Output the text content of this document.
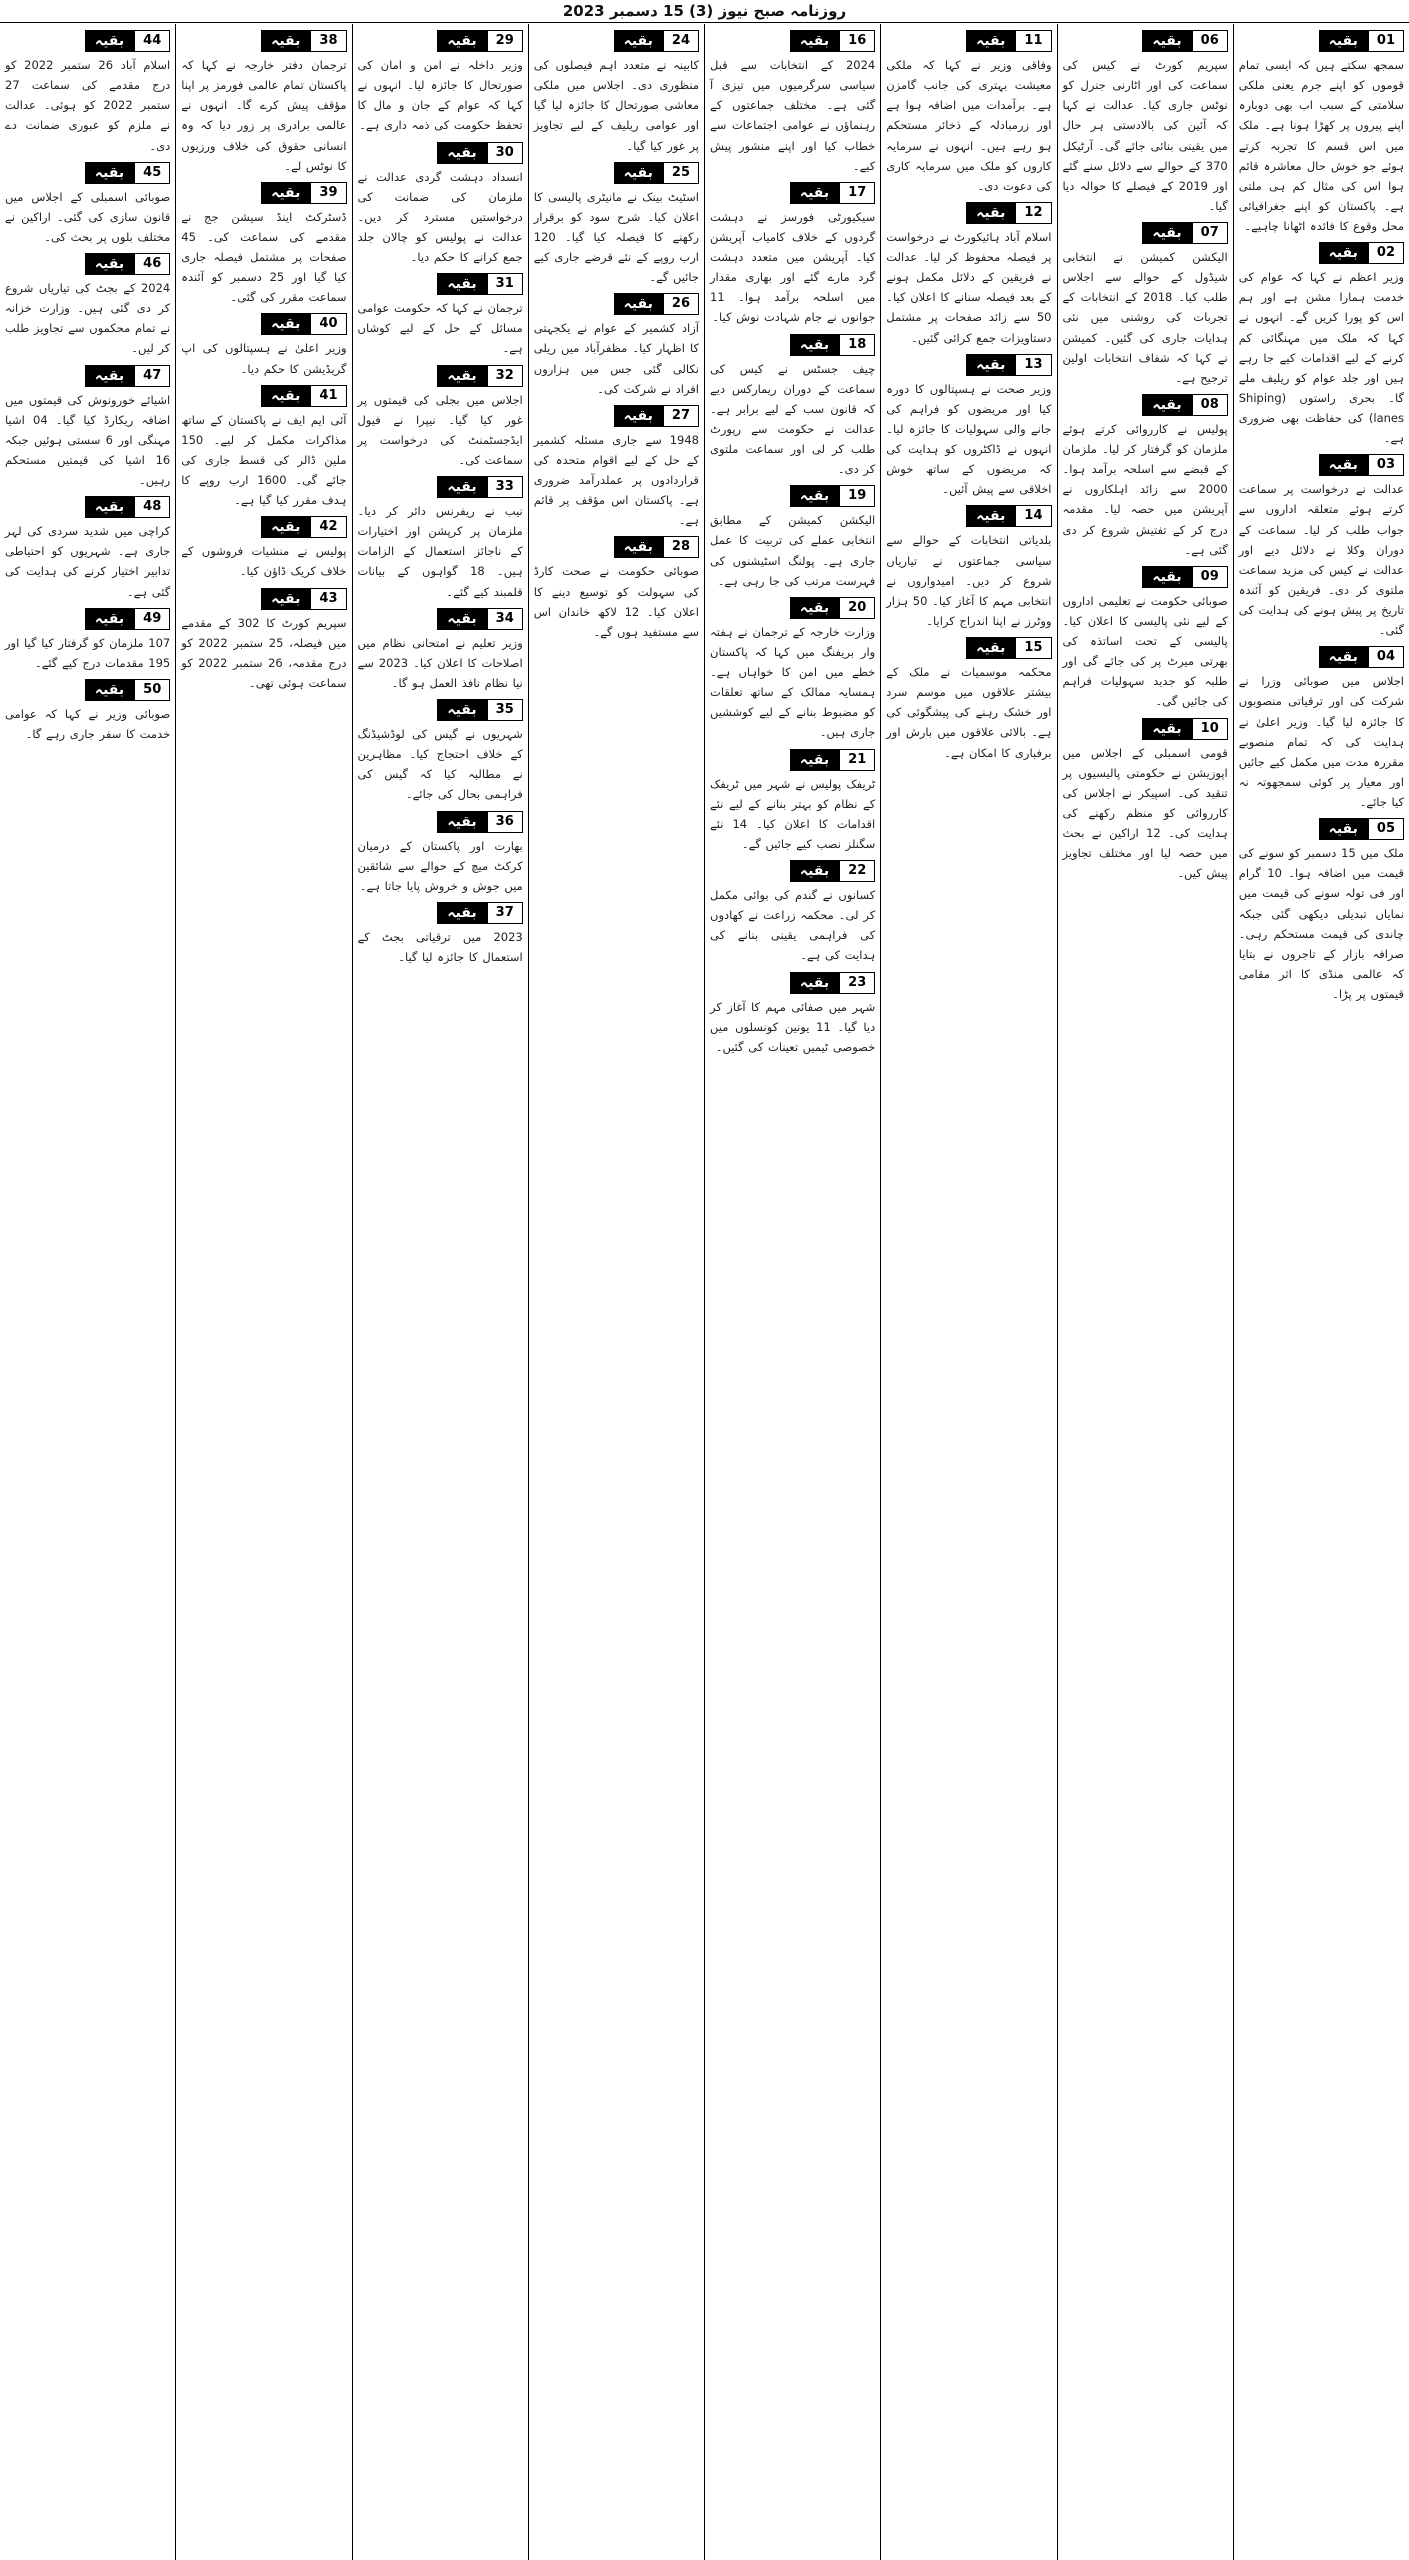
روزنامہ صبح نیوز (3) 15 دسمبر 2023
01
بقیہ

سمجھ سکتے ہیں کہ ایسی تمام قوموں کو اپنے جرم یعنی ملکی سلامتی کے سبب اب بھی دوبارہ اپنے پیروں پر کھڑا ہونا ہے۔ ملک میں اس قسم کا تجربہ کرتے ہوئے جو خوش حال معاشرہ قائم ہوا اس کی مثال کم ہی ملتی ہے۔ پاکستان کو اپنے جغرافیائی محل وقوع کا فائدہ اٹھانا چاہیے۔

02
بقیہ

وزیر اعظم نے کہا کہ عوام کی خدمت ہمارا مشن ہے اور ہم اس کو پورا کریں گے۔ انہوں نے کہا کہ ملک میں مہنگائی کم کرنے کے لیے اقدامات کیے جا رہے ہیں اور جلد عوام کو ریلیف ملے گا۔ بحری راستوں (Shiping lanes) کی حفاظت بھی ضروری ہے۔

03
بقیہ

عدالت نے درخواست پر سماعت کرتے ہوئے متعلقہ اداروں سے جواب طلب کر لیا۔ سماعت کے دوران وکلا نے دلائل دیے اور عدالت نے کیس کی مزید سماعت ملتوی کر دی۔ فریقین کو آئندہ تاریخ پر پیش ہونے کی ہدایت کی گئی۔

04
بقیہ

اجلاس میں صوبائی وزرا نے شرکت کی اور ترقیاتی منصوبوں کا جائزہ لیا گیا۔ وزیر اعلیٰ نے ہدایت کی کہ تمام منصوبے مقررہ مدت میں مکمل کیے جائیں اور معیار پر کوئی سمجھوتہ نہ کیا جائے۔

05
بقیہ

ملک میں 15 دسمبر کو سونے کی قیمت میں اضافہ ہوا۔ 10 گرام اور فی تولہ سونے کی قیمت میں نمایاں تبدیلی دیکھی گئی جبکہ چاندی کی قیمت مستحکم رہی۔ صرافہ بازار کے تاجروں نے بتایا کہ عالمی منڈی کا اثر مقامی قیمتوں پر پڑا۔

06
بقیہ

سپریم کورٹ نے کیس کی سماعت کی اور اٹارنی جنرل کو نوٹس جاری کیا۔ عدالت نے کہا کہ آئین کی بالادستی ہر حال میں یقینی بنائی جائے گی۔ آرٹیکل 370 کے حوالے سے دلائل سنے گئے اور 2019 کے فیصلے کا حوالہ دیا گیا۔

07
بقیہ

الیکشن کمیشن نے انتخابی شیڈول کے حوالے سے اجلاس طلب کیا۔ 2018 کے انتخابات کے تجربات کی روشنی میں نئی ہدایات جاری کی گئیں۔ کمیشن نے کہا کہ شفاف انتخابات اولین ترجیح ہے۔

08
بقیہ

پولیس نے کارروائی کرتے ہوئے ملزمان کو گرفتار کر لیا۔ ملزمان کے قبضے سے اسلحہ برآمد ہوا۔ 2000 سے زائد اہلکاروں نے آپریشن میں حصہ لیا۔ مقدمہ درج کر کے تفتیش شروع کر دی گئی ہے۔

09
بقیہ

صوبائی حکومت نے تعلیمی اداروں کے لیے نئی پالیسی کا اعلان کیا۔ پالیسی کے تحت اساتذہ کی بھرتی میرٹ پر کی جائے گی اور طلبہ کو جدید سہولیات فراہم کی جائیں گی۔

10
بقیہ

قومی اسمبلی کے اجلاس میں اپوزیشن نے حکومتی پالیسیوں پر تنقید کی۔ اسپیکر نے اجلاس کی کارروائی کو منظم رکھنے کی ہدایت کی۔ 12 اراکین نے بحث میں حصہ لیا اور مختلف تجاویز پیش کیں۔

11
بقیہ

وفاقی وزیر نے کہا کہ ملکی معیشت بہتری کی جانب گامزن ہے۔ برآمدات میں اضافہ ہوا ہے اور زرمبادلہ کے ذخائر مستحکم ہو رہے ہیں۔ انہوں نے سرمایہ کاروں کو ملک میں سرمایہ کاری کی دعوت دی۔

12
بقیہ

اسلام آباد ہائیکورٹ نے درخواست پر فیصلہ محفوظ کر لیا۔ عدالت نے فریقین کے دلائل مکمل ہونے کے بعد فیصلہ سنانے کا اعلان کیا۔ 50 سے زائد صفحات پر مشتمل دستاویزات جمع کرائی گئیں۔

13
بقیہ

وزیر صحت نے ہسپتالوں کا دورہ کیا اور مریضوں کو فراہم کی جانے والی سہولیات کا جائزہ لیا۔ انہوں نے ڈاکٹروں کو ہدایت کی کہ مریضوں کے ساتھ خوش اخلاقی سے پیش آئیں۔

14
بقیہ

بلدیاتی انتخابات کے حوالے سے سیاسی جماعتوں نے تیاریاں شروع کر دیں۔ امیدواروں نے انتخابی مہم کا آغاز کیا۔ 50 ہزار ووٹرز نے اپنا اندراج کرایا۔

15
بقیہ

محکمہ موسمیات نے ملک کے بیشتر علاقوں میں موسم سرد اور خشک رہنے کی پیشگوئی کی ہے۔ بالائی علاقوں میں بارش اور برفباری کا امکان ہے۔

16
بقیہ

2024 کے انتخابات سے قبل سیاسی سرگرمیوں میں تیزی آ گئی ہے۔ مختلف جماعتوں کے رہنماؤں نے عوامی اجتماعات سے خطاب کیا اور اپنے منشور پیش کیے۔

17
بقیہ

سیکیورٹی فورسز نے دہشت گردوں کے خلاف کامیاب آپریشن کیا۔ آپریشن میں متعدد دہشت گرد مارے گئے اور بھاری مقدار میں اسلحہ برآمد ہوا۔ 11 جوانوں نے جام شہادت نوش کیا۔

18
بقیہ

چیف جسٹس نے کیس کی سماعت کے دوران ریمارکس دیے کہ قانون سب کے لیے برابر ہے۔ عدالت نے حکومت سے رپورٹ طلب کر لی اور سماعت ملتوی کر دی۔

19
بقیہ

الیکشن کمیشن کے مطابق انتخابی عملے کی تربیت کا عمل جاری ہے۔ پولنگ اسٹیشنوں کی فہرست مرتب کی جا رہی ہے۔

20
بقیہ

وزارت خارجہ کے ترجمان نے ہفتہ وار بریفنگ میں کہا کہ پاکستان خطے میں امن کا خواہاں ہے۔ ہمسایہ ممالک کے ساتھ تعلقات کو مضبوط بنانے کے لیے کوششیں جاری ہیں۔

21
بقیہ

ٹریفک پولیس نے شہر میں ٹریفک کے نظام کو بہتر بنانے کے لیے نئے اقدامات کا اعلان کیا۔ 14 نئے سگنلز نصب کیے جائیں گے۔

22
بقیہ

کسانوں نے گندم کی بوائی مکمل کر لی۔ محکمہ زراعت نے کھادوں کی فراہمی یقینی بنانے کی ہدایت کی ہے۔

23
بقیہ

شہر میں صفائی مہم کا آغاز کر دیا گیا۔ 11 یونین کونسلوں میں خصوصی ٹیمیں تعینات کی گئیں۔

24
بقیہ

کابینہ نے متعدد اہم فیصلوں کی منظوری دی۔ اجلاس میں ملکی معاشی صورتحال کا جائزہ لیا گیا اور عوامی ریلیف کے لیے تجاویز پر غور کیا گیا۔

25
بقیہ

اسٹیٹ بینک نے مانیٹری پالیسی کا اعلان کیا۔ شرح سود کو برقرار رکھنے کا فیصلہ کیا گیا۔ 120 ارب روپے کے نئے قرضے جاری کیے جائیں گے۔

26
بقیہ

آزاد کشمیر کے عوام نے یکجہتی کا اظہار کیا۔ مظفرآباد میں ریلی نکالی گئی جس میں ہزاروں افراد نے شرکت کی۔

27
بقیہ

1948 سے جاری مسئلہ کشمیر کے حل کے لیے اقوام متحدہ کی قراردادوں پر عملدرآمد ضروری ہے۔ پاکستان اس مؤقف پر قائم ہے۔

28
بقیہ

صوبائی حکومت نے صحت کارڈ کی سہولت کو توسیع دینے کا اعلان کیا۔ 12 لاکھ خاندان اس سے مستفید ہوں گے۔

29
بقیہ

وزیر داخلہ نے امن و امان کی صورتحال کا جائزہ لیا۔ انہوں نے کہا کہ عوام کے جان و مال کا تحفظ حکومت کی ذمہ داری ہے۔

30
بقیہ

انسداد دہشت گردی عدالت نے ملزمان کی ضمانت کی درخواستیں مسترد کر دیں۔ عدالت نے پولیس کو چالان جلد جمع کرانے کا حکم دیا۔

31
بقیہ

ترجمان نے کہا کہ حکومت عوامی مسائل کے حل کے لیے کوشاں ہے۔

32
بقیہ

اجلاس میں بجلی کی قیمتوں پر غور کیا گیا۔ نیپرا نے فیول ایڈجسٹمنٹ کی درخواست پر سماعت کی۔

33
بقیہ

نیب نے ریفرنس دائر کر دیا۔ ملزمان پر کرپشن اور اختیارات کے ناجائز استعمال کے الزامات ہیں۔ 18 گواہوں کے بیانات قلمبند کیے گئے۔

34
بقیہ

وزیر تعلیم نے امتحانی نظام میں اصلاحات کا اعلان کیا۔ 2023 سے نیا نظام نافذ العمل ہو گا۔

35
بقیہ

شہریوں نے گیس کی لوڈشیڈنگ کے خلاف احتجاج کیا۔ مظاہرین نے مطالبہ کیا کہ گیس کی فراہمی بحال کی جائے۔

36
بقیہ

بھارت اور پاکستان کے درمیان کرکٹ میچ کے حوالے سے شائقین میں جوش و خروش پایا جاتا ہے۔

37
بقیہ

2023 میں ترقیاتی بجٹ کے استعمال کا جائزہ لیا گیا۔

38
بقیہ

ترجمان دفتر خارجہ نے کہا کہ پاکستان تمام عالمی فورمز پر اپنا مؤقف پیش کرے گا۔ انہوں نے عالمی برادری پر زور دیا کہ وہ انسانی حقوق کی خلاف ورزیوں کا نوٹس لے۔

39
بقیہ

ڈسٹرکٹ اینڈ سیشن جج نے مقدمے کی سماعت کی۔ 45 صفحات پر مشتمل فیصلہ جاری کیا گیا اور 25 دسمبر کو آئندہ سماعت مقرر کی گئی۔

40
بقیہ

وزیر اعلیٰ نے ہسپتالوں کی اپ گریڈیشن کا حکم دیا۔

41
بقیہ

آئی ایم ایف نے پاکستان کے ساتھ مذاکرات مکمل کر لیے۔ 150 ملین ڈالر کی قسط جاری کی جائے گی۔ 1600 ارب روپے کا ہدف مقرر کیا گیا ہے۔

42
بقیہ

پولیس نے منشیات فروشوں کے خلاف کریک ڈاؤن کیا۔

43
بقیہ

سپریم کورٹ کا 302 کے مقدمے میں فیصلہ، 25 ستمبر 2022 کو درج مقدمہ، 26 ستمبر 2022 کو سماعت ہوئی تھی۔

44
بقیہ

اسلام آباد 26 ستمبر 2022 کو درج مقدمے کی سماعت 27 ستمبر 2022 کو ہوئی۔ عدالت نے ملزم کو عبوری ضمانت دے دی۔

45
بقیہ

صوبائی اسمبلی کے اجلاس میں قانون سازی کی گئی۔ اراکین نے مختلف بلوں پر بحث کی۔

46
بقیہ

2024 کے بجٹ کی تیاریاں شروع کر دی گئی ہیں۔ وزارت خزانہ نے تمام محکموں سے تجاویز طلب کر لیں۔

47
بقیہ

اشیائے خورونوش کی قیمتوں میں اضافہ ریکارڈ کیا گیا۔ 04 اشیا مہنگی اور 6 سستی ہوئیں جبکہ 16 اشیا کی قیمتیں مستحکم رہیں۔

48
بقیہ

کراچی میں شدید سردی کی لہر جاری ہے۔ شہریوں کو احتیاطی تدابیر اختیار کرنے کی ہدایت کی گئی ہے۔

49
بقیہ

107 ملزمان کو گرفتار کیا گیا اور 195 مقدمات درج کیے گئے۔

50
بقیہ

صوبائی وزیر نے کہا کہ عوامی خدمت کا سفر جاری رہے گا۔
